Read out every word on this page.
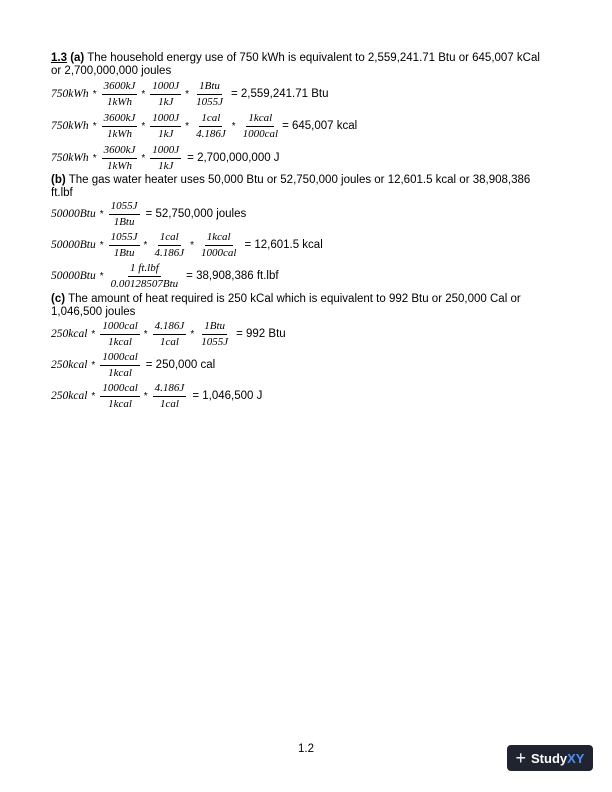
1.3 (a) The household energy use of 750 kWh is equivalent to 2,559,241.71 Btu or 645,007 kCal or 2,700,000,000 joules
$750kWh * \frac{3600kJ}{\text{1kWh}} * \frac{1000J}{1kJ} * \frac{\text{1Btu}}{1055J} = 2,559,241.71$ Btu
$750kWh * \frac{3600kJ}{\text{1kWh}} * \frac{1000J}{1kJ} * \frac{\text{1cal}}{4.186J} * \frac{\text{1kcal}}{\text{1000cal}} = 645,007$ kcal
$750kWh * \frac{3600kJ}{\text{1kWh}} * \frac{1000J}{1kJ} = 2,700,000,000$ J
(b) The gas water heater uses 50,000 Btu or 52,750,000 joules or 12,601.5 kcal or 38,908,386 ft.lbf
$50000Btu * \frac{1055J}{\text{1Btu}} = 52,750,000$ joules
$50000Btu * \frac{1055J}{\text{1Btu}} * \frac{\text{1cal}}{4.186J} * \frac{\text{1kcal}}{\text{1000cal}} = 12,601.5$ kcal
$50000Btu * \frac{\text{1 ft.lbf}}{\text{0.00128507Btu}} = 38,908,386$ ft.lbf
(c) The amount of heat required is 250 kCal which is equivalent to 992 Btu or 250,000 Cal or 1,046,500 joules
250kcal * $\frac{\text{1000cal}}{\text{1kcal}} * \frac{4.186J}{\text{1cal}} * \frac{\text{1Btu}}{1055J} = 992$ Btu
250kcal * $\frac{\text{1000cal}}{\text{1kcal}} = 250,000$ cal
250kcal * $\frac{\text{1000cal}}{\text{1kcal}} * \frac{4.186J}{\text{1cal}} = 1,046,500$ J
1.2	+ Study XY
